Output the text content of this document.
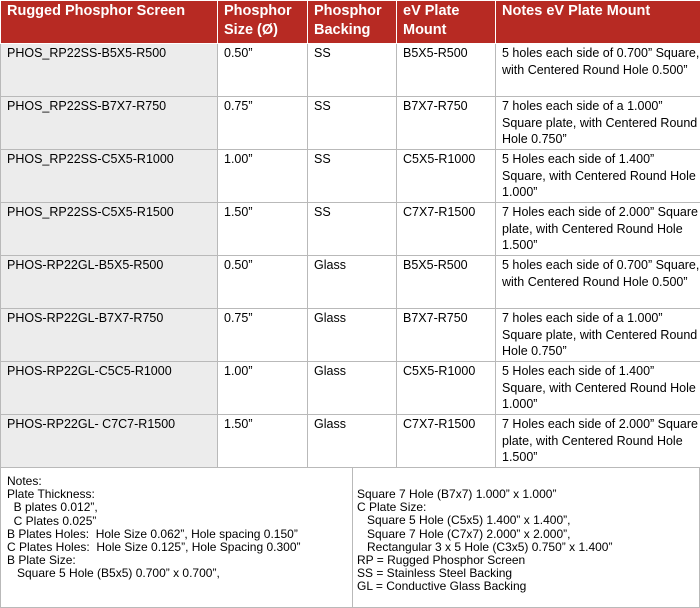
Rugged Phosphor Screen	Phosphor Size (Ø)	Phosphor Backing	eV Plate Mount	Notes eV Plate Mount
PHOS_RP22SS-B5X5-R500	0.50”	SS	B5X5-R500	5 holes each side of 0.700” Square, with Centered Round Hole 0.500”
PHOS_RP22SS-B7X7-R750	0.75”	SS	B7X7-R750	7 holes each side of a 1.000” Square plate, with Centered Round Hole 0.750”
PHOS_RP22SS-C5X5-R1000	1.00”	SS	C5X5-R1000	5 Holes each side of 1.400” Square, with Centered Round Hole 1.000”
PHOS_RP22SS-C5X5-R1500	1.50”	SS	C7X7-R1500	7 Holes each side of 2.000” Square plate, with Centered Round Hole 1.500”
PHOS-RP22GL-B5X5-R500	0.50”	Glass	B5X5-R500	5 holes each side of 0.700” Square, with Centered Round Hole 0.500”
PHOS-RP22GL-B7X7-R750	0.75”	Glass	B7X7-R750	7 holes each side of a 1.000” Square plate, with Centered Round Hole 0.750”
PHOS-RP22GL-C5C5-R1000	1.00”	Glass	C5X5-R1000	5 Holes each side of 1.400” Square, with Centered Round Hole 1.000”
PHOS-RP22GL- C7C7-R1500	1.50”	Glass	C7X7-R1500	7 Holes each side of 2.000” Square plate, with Centered Round Hole 1.500”
Notes:
Plate Thickness:
B plates 0.012”,
C Plates 0.025”
B Plates Holes:  Hole Size 0.062”, Hole spacing 0.150”
C Plates Holes:  Hole Size 0.125”, Hole Spacing 0.300”
B Plate Size:
Square 5 Hole (B5x5) 0.700” x 0.700”,
Square 7 Hole (B7x7) 1.000” x 1.000”
C Plate Size:
Square 5 Hole (C5x5) 1.400” x 1.400”,
Square 7 Hole (C7x7) 2.000” x 2.000”,
Rectangular 3 x 5 Hole (C3x5) 0.750” x 1.400”
RP = Rugged Phosphor Screen
SS = Stainless Steel Backing
GL = Conductive Glass Backing
